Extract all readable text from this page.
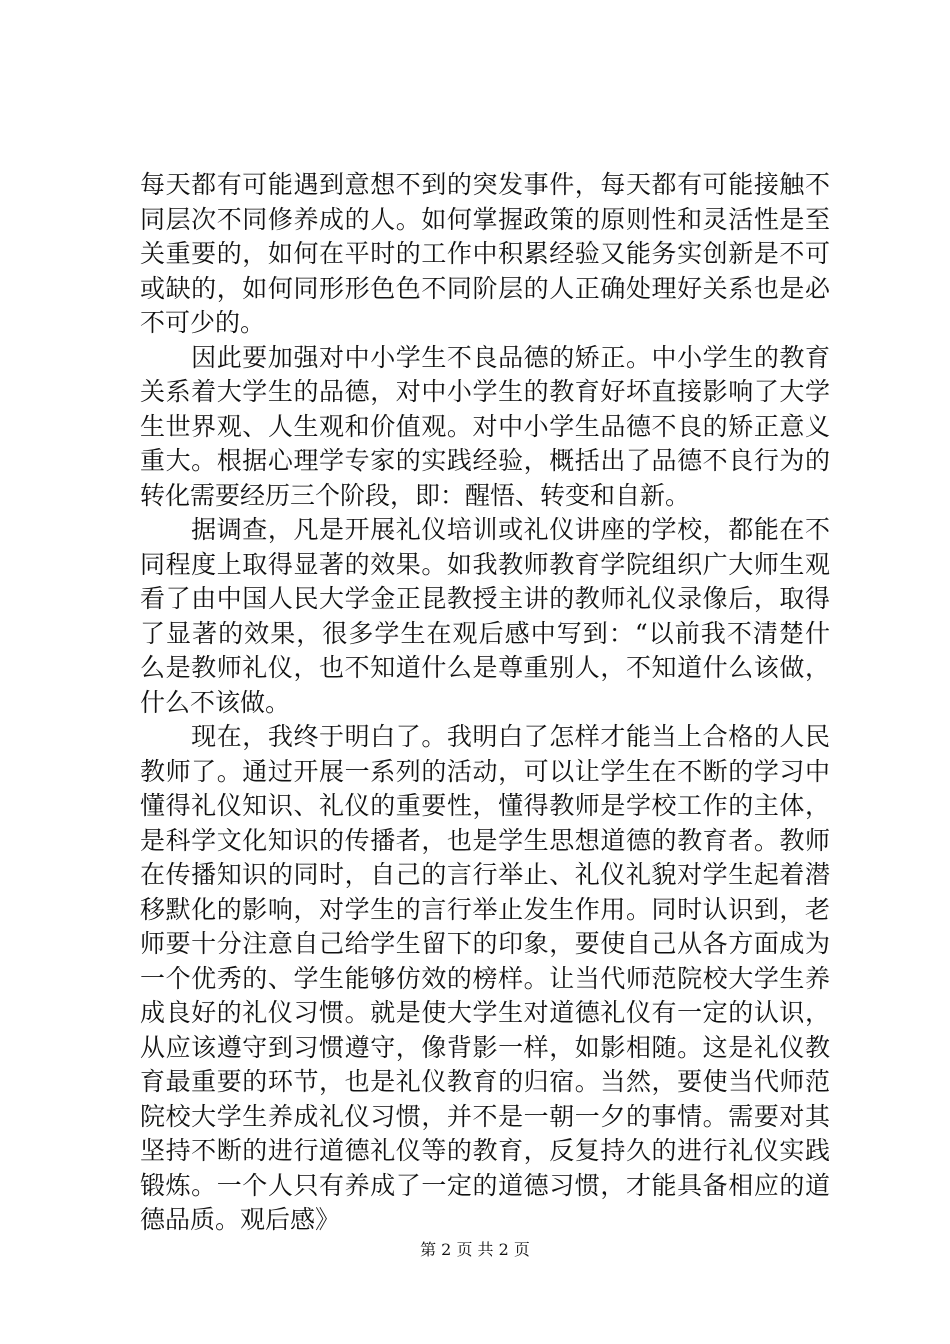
每天都有可能遇到意想不到的突发事件，每天都有可能接触不
同层次不同修养成的人。如何掌握政策的原则性和灵活性是至
关重要的，如何在平时的工作中积累经验又能务实创新是不可
或缺的，如何同形形色色不同阶层的人正确处理好关系也是必
不可少的。
　　因此要加强对中小学生不良品德的矫正。中小学生的教育
关系着大学生的品德，对中小学生的教育好坏直接影响了大学
生世界观、人生观和价值观。对中小学生品德不良的矫正意义
重大。根据心理学专家的实践经验，概括出了品德不良行为的
转化需要经历三个阶段，即：醒悟、转变和自新。
　　据调查，凡是开展礼仪培训或礼仪讲座的学校，都能在不
同程度上取得显著的效果。如我教师教育学院组织广大师生观
看了由中国人民大学金正昆教授主讲的教师礼仪录像后，取得
了显著的效果，很多学生在观后感中写到：“以前我不清楚什
么是教师礼仪，也不知道什么是尊重别人，不知道什么该做，
什么不该做。
　　现在，我终于明白了。我明白了怎样才能当上合格的人民
教师了。通过开展一系列的活动，可以让学生在不断的学习中
懂得礼仪知识、礼仪的重要性，懂得教师是学校工作的主体，
是科学文化知识的传播者，也是学生思想道德的教育者。教师
在传播知识的同时，自己的言行举止、礼仪礼貌对学生起着潜
移默化的影响，对学生的言行举止发生作用。同时认识到，老
师要十分注意自己给学生留下的印象，要使自己从各方面成为
一个优秀的、学生能够仿效的榜样。让当代师范院校大学生养
成良好的礼仪习惯。就是使大学生对道德礼仪有一定的认识，
从应该遵守到习惯遵守，像背影一样，如影相随。这是礼仪教
育最重要的环节，也是礼仪教育的归宿。当然，要使当代师范
院校大学生养成礼仪习惯，并不是一朝一夕的事情。需要对其
坚持不断的进行道德礼仪等的教育，反复持久的进行礼仪实践
锻炼。一个人只有养成了一定的道德习惯，才能具备相应的道
德品质。观后感》
第 2 页 共 2 页
